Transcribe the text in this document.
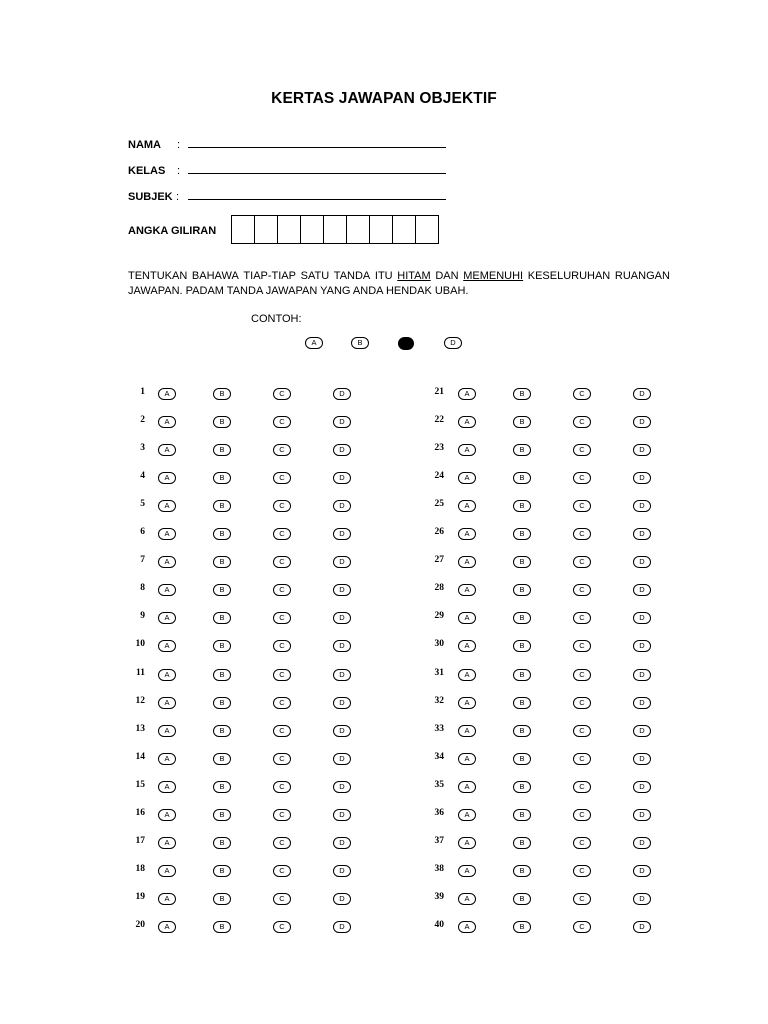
KERTAS JAWAPAN OBJEKTIF
NAMA :
KELAS :
SUBJEK :
ANGKA GILIRAN
TENTUKAN BAHAWA TIAP-TIAP SATU TANDA ITU HITAM DAN MEMENUHI KESELURUHAN RUANGAN
JAWAPAN. PADAM TANDA JAWAPAN YANG ANDA HENDAK UBAH.
CONTOH:
A	B	D
1	A	B	C	D
2	A	B	C	D
3	A	B	C	D
4	A	B	C	D
5	A	B	C	D
6	A	B	C	D
7	A	B	C	D
8	A	B	C	D
9	A	B	C	D
10	A	B	C	D
11	A	B	C	D
12	A	B	C	D
13	A	B	C	D
14	A	B	C	D
15	A	B	C	D
16	A	B	C	D
17	A	B	C	D
18	A	B	C	D
19	A	B	C	D
20	A	B	C	D
21	A	B	C	D
22	A	B	C	D
23	A	B	C	D
24	A	B	C	D
25	A	B	C	D
26	A	B	C	D
27	A	B	C	D
28	A	B	C	D
29	A	B	C	D
30	A	B	C	D
31	A	B	C	D
32	A	B	C	D
33	A	B	C	D
34	A	B	C	D
35	A	B	C	D
36	A	B	C	D
37	A	B	C	D
38	A	B	C	D
39	A	B	C	D
40	A	B	C	D
